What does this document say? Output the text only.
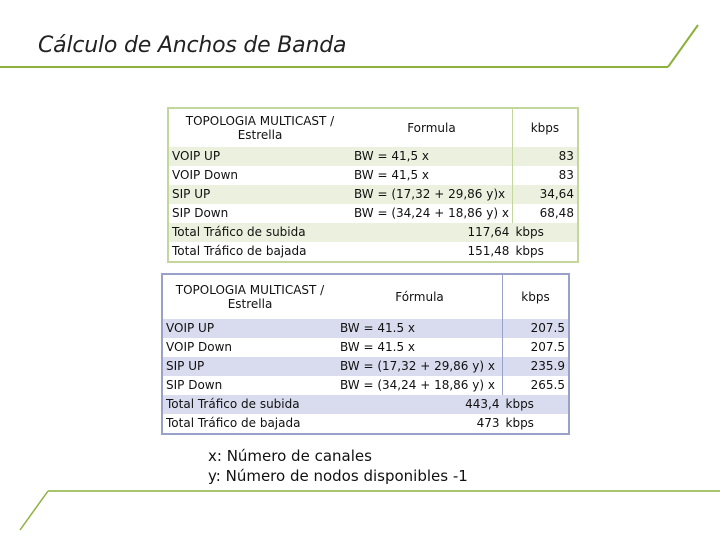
Cálculo de Anchos de Banda
TOPOLOGIA MULTICAST /
Estrella	Formula	kbps
VOIP UP	BW = 41,5 x	83
VOIP Down	BW = 41,5 x	83
SIP UP	BW = (17,32 + 29,86 y)x	34,64
SIP Down	BW = (34,24 + 18,86 y) x	68,48
Total Tráfico de subida	117,64	kbps
Total Tráfico de bajada	151,48	kbps
TOPOLOGIA MULTICAST /
Estrella	Fórmula	kbps
VOIP UP	BW = 41.5 x	207.5
VOIP Down	BW = 41.5 x	207.5
SIP UP	BW = (17,32 + 29,86 y) x	235.9
SIP Down	BW = (34,24 + 18,86 y) x	265.5
Total Tráfico de subida	443,4	kbps
Total Tráfico de bajada	473	kbps
x: Número de canales
y: Número de nodos disponibles -1
